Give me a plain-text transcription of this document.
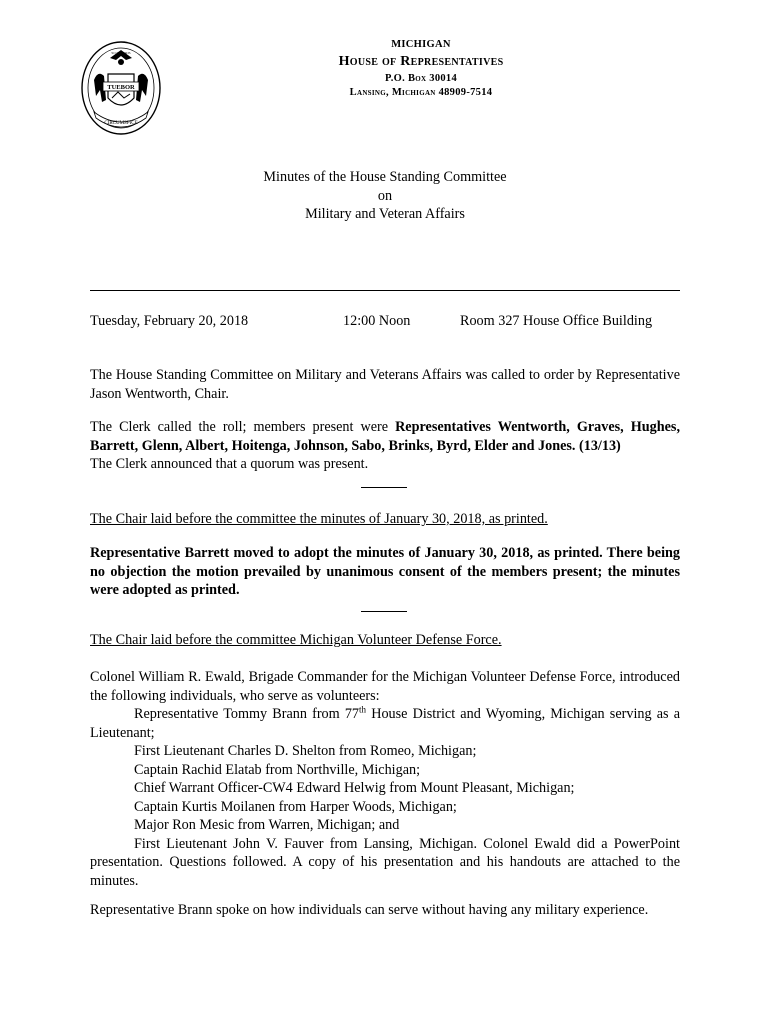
TUEBOR
CIRCUMSPICE
SI QUAERIS
MICHIGAN
House of Representatives
P.O. Box 30014
Lansing, Michigan 48909-7514
Minutes of the House Standing Committee
on
Military and Veteran Affairs
Tuesday, February 20, 2018	12:00 Noon	Room 327 House Office Building

The House Standing Committee on Military and Veterans Affairs was called to order by Representative Jason Wentworth, Chair.

The Clerk called the roll; members present were Representatives Wentworth, Graves, Hughes, Barrett, Glenn, Albert, Hoitenga, Johnson, Sabo, Brinks, Byrd, Elder and Jones. (13/13)

The Clerk announced that a quorum was present.

The Chair laid before the committee the minutes of January 30, 2018, as printed.

Representative Barrett moved to adopt the minutes of January 30, 2018, as printed. There being no objection the motion prevailed by unanimous consent of the members present; the minutes were adopted as printed.

The Chair laid before the committee Michigan Volunteer Defense Force.

Colonel William R. Ewald, Brigade Commander for the Michigan Volunteer Defense Force, introduced the following individuals, who serve as volunteers:

Representative Tommy Brann from 77th House District and Wyoming, Michigan serving as a Lieutenant;

First Lieutenant Charles D. Shelton from Romeo, Michigan;
Captain Rachid Elatab from Northville, Michigan;
Chief Warrant Officer-CW4 Edward Helwig from Mount Pleasant, Michigan;
Captain Kurtis Moilanen from Harper Woods, Michigan;
Major Ron Mesic from Warren, Michigan; and

First Lieutenant John V. Fauver from Lansing, Michigan. Colonel Ewald did a PowerPoint presentation. Questions followed. A copy of his presentation and his handouts are attached to the minutes.

Representative Brann spoke on how individuals can serve without having any military experience.
